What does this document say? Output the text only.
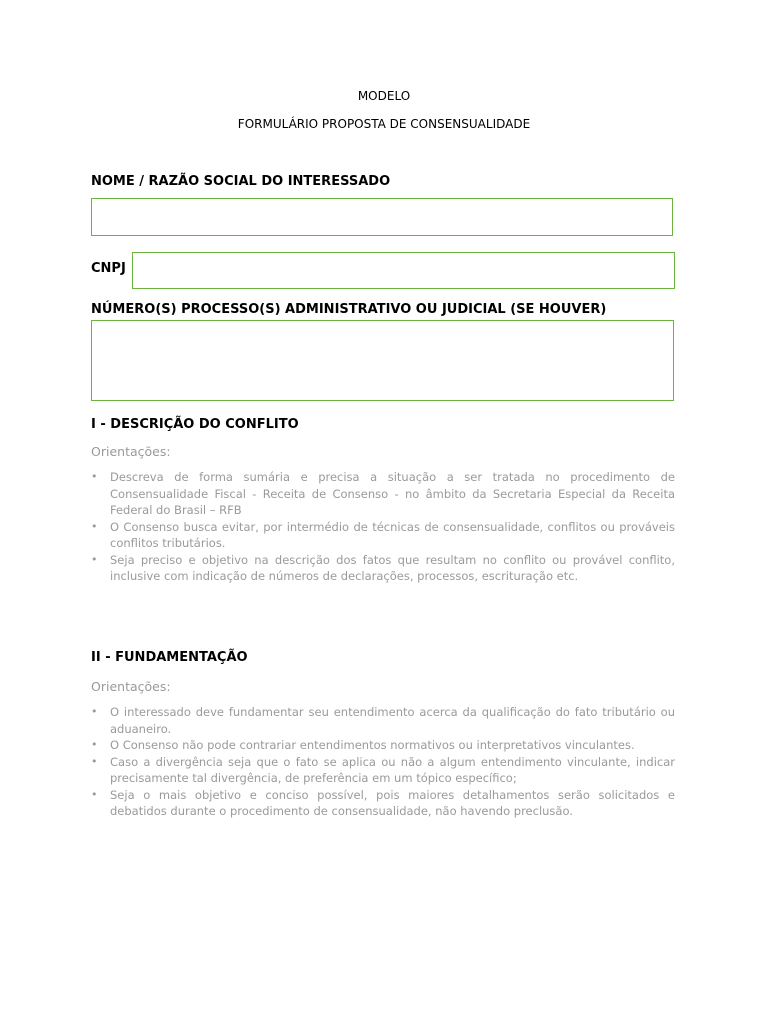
MODELO
FORMULÁRIO PROPOSTA DE CONSENSUALIDADE
NOME / RAZÃO SOCIAL DO INTERESSADO
CNPJ
NÚMERO(S) PROCESSO(S) ADMINISTRATIVO OU JUDICIAL (SE HOUVER)
I - DESCRIÇÃO DO CONFLITO
Orientações:
•	Descreva de forma sumária e precisa a situação a ser tratada no procedimento de Consensualidade Fiscal - Receita de Consenso - no âmbito da Secretaria Especial da Receita Federal do Brasil – RFB
•	O Consenso busca evitar, por intermédio de técnicas de consensualidade, conflitos ou prováveis conflitos tributários.
•	Seja preciso e objetivo na descrição dos fatos que resultam no conflito ou provável conflito, inclusive com indicação de números de declarações, processos, escrituração etc.
II - FUNDAMENTAÇÃO
Orientações:
•	O interessado deve fundamentar seu entendimento acerca da qualificação do fato tributário ou aduaneiro.
•	O Consenso não pode contrariar entendimentos normativos ou interpretativos vinculantes.
•	Caso a divergência seja que o fato se aplica ou não a algum entendimento vinculante, indicar precisamente tal divergência, de preferência em um tópico específico;
•	Seja o mais objetivo e conciso possível, pois maiores detalhamentos serão solicitados e debatidos durante o procedimento de consensualidade, não havendo preclusão.
